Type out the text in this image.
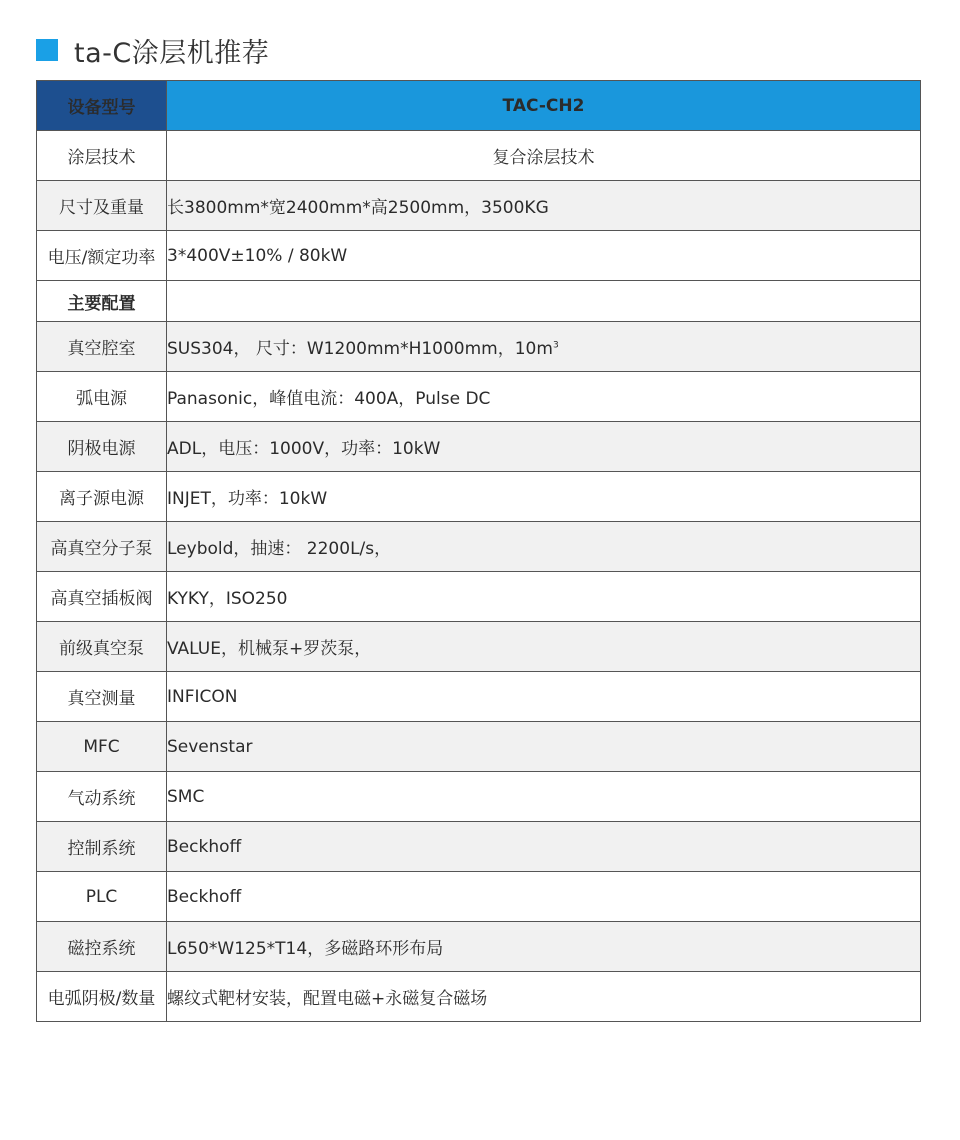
ta-C涂层机推荐
设备型号	TAC-CH2
涂层技术	复合涂层技术
尺寸及重量	长3800mm*宽2400mm*高2500mm，3500KG
电压/额定功率	3*400V±10% / 80kW
主要配置	
真空腔室	SUS304， 尺寸：W1200mm*H1000mm，$10m^3$
弧电源	Panasonic，峰值电流：400A，Pulse DC
阴极电源	ADL，电压：1000V，功率：10kW
离子源电源	INJET，功率：10kW
高真空分子泵	Leybold，抽速： 2200L/s，
高真空插板阀	KYKY，ISO250
前级真空泵	VALUE，机械泵+罗茨泵，
真空测量	INFICON
MFC	Sevenstar
气动系统	SMC
控制系统	Beckhoff
PLC	Beckhoff
磁控系统	L650*W125*T14，多磁路环形布局
电弧阴极/数量	螺纹式靶材安装，配置电磁+永磁复合磁场
